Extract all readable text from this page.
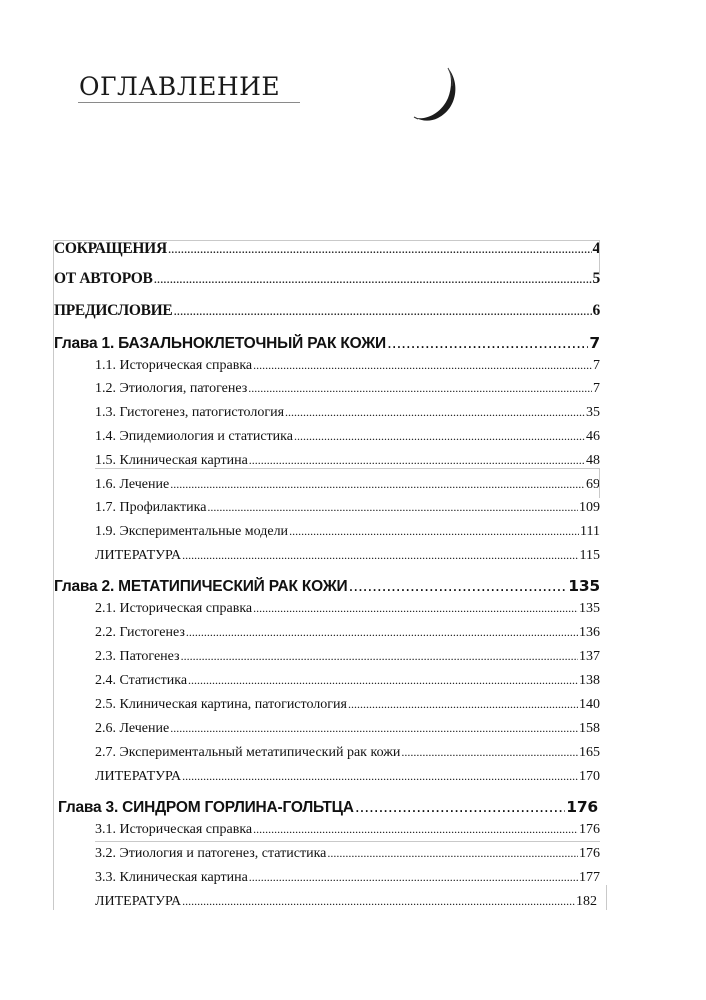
ОГЛАВЛЕНИЕ
СОКРАЩЕНИЯ .....	4
ОТ АВТОРОВ .....	5
ПРЕДИСЛОВИЕ .....	6
Глава 1. БАЗАЛЬНОКЛЕТОЧНЫЙ РАК КОЖИ .....	7
1.1. Историческая справка .....	7
1.2. Этиология, патогенез .....	7
1.3. Гистогенез, патогистология .....	35
1.4. Эпидемиология и статистика .....	46
1.5. Клиническая картина .....	48
1.6. Лечение .....	69
1.7. Профилактика .....	109
1.9. Экспериментальные модели .....	111
ЛИТЕРАТУРА .....	115
Глава 2. МЕТАТИПИЧЕСКИЙ РАК КОЖИ .....	135
2.1. Историческая справка .....	135
2.2. Гистогенез .....	136
2.3. Патогенез .....	137
2.4. Статистика .....	138
2.5. Клиническая картина, патогистология .....	140
2.6. Лечение .....	158
2.7. Экспериментальный метатипический рак кожи .....	165
ЛИТЕРАТУРА .....	170
Глава 3. СИНДРОМ ГОРЛИНА-ГОЛЬТЦА .....	176
3.1. Историческая справка .....	176
3.2. Этиология и патогенез, статистика .....	176
3.3. Клиническая картина .....	177
ЛИТЕРАТУРА .....	182
